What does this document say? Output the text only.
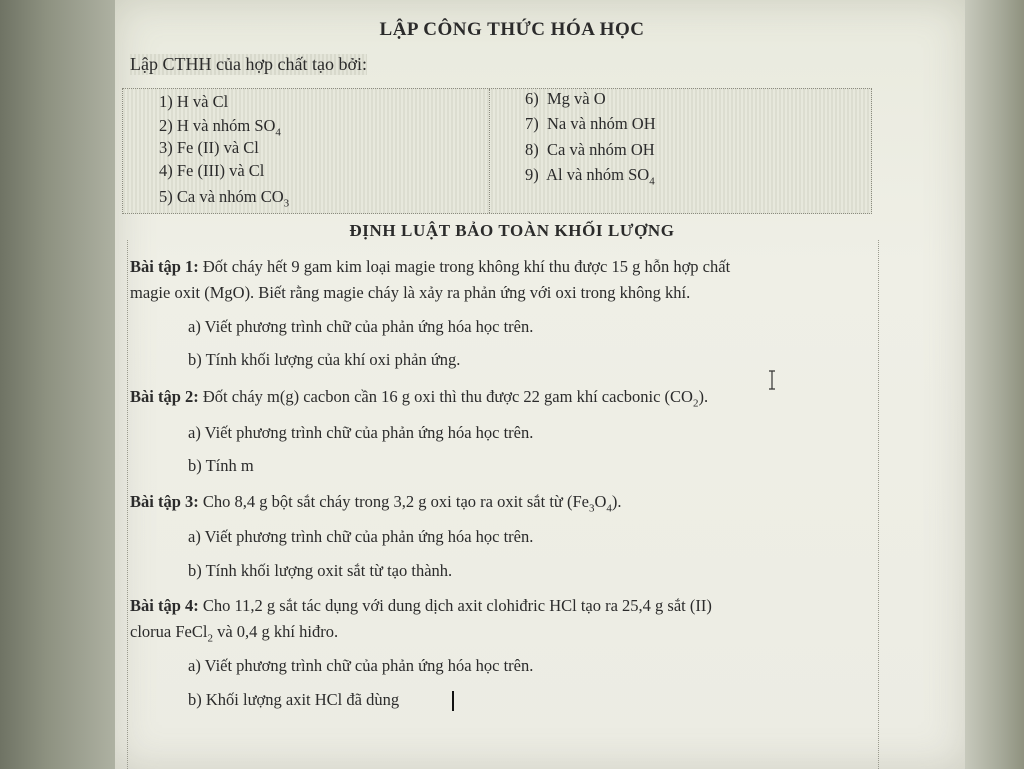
LẬP CÔNG THỨC HÓA HỌC
Lập CTHH của hợp chất tạo bởi:
1) H và Cl
2) H và nhóm $SO_4$
3) Fe (II) và Cl
4) Fe (III) và Cl
5) Ca và nhóm $CO_3$
6) Mg và O
7) Na và nhóm OH
8) Ca và nhóm OH
9) Al và nhóm $SO_4$
ĐỊNH LUẬT BẢO TOÀN KHỐI LƯỢNG
Bài tập 1: Đốt cháy hết 9 gam kim loại magie trong không khí thu được 15 g hỗn hợp chất
magie oxit (MgO). Biết rằng magie cháy là xảy ra phản ứng với oxi trong không khí.
a) Viết phương trình chữ của phản ứng hóa học trên.
b) Tính khối lượng của khí oxi phản ứng.
Bài tập 2: Đốt cháy m(g) cacbon cần 16 g oxi thì thu được 22 gam khí cacbonic $(CO_2)$.
a) Viết phương trình chữ của phản ứng hóa học trên.
b) Tính m
Bài tập 3: Cho 8,4 g bột sắt cháy trong 3,2 g oxi tạo ra oxit sắt từ $(Fe_3O_4)$.
a) Viết phương trình chữ của phản ứng hóa học trên.
b) Tính khối lượng oxit sắt từ tạo thành.
Bài tập 4: Cho 11,2 g sắt tác dụng với dung dịch axit clohiđric HCl tạo ra 25,4 g sắt (II)
clorua FeCl$_2$ và 0,4 g khí hiđro.
a) Viết phương trình chữ của phản ứng hóa học trên.
b) Khối lượng axit HCl đã dùng
